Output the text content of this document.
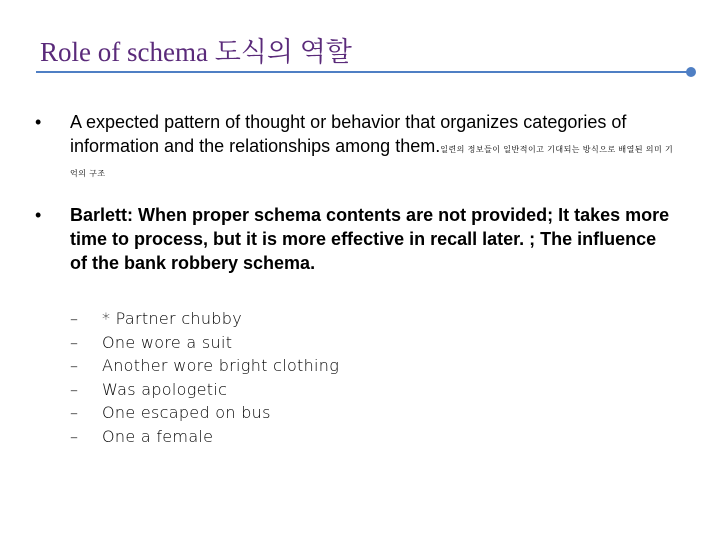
Role of schema 도식의 역할
• A expected pattern of thought or behavior that organizes categories of information and the relationships among them.일련의 정보들이 일반적이고 기대되는 방식으로 배열된 의미 기억의 구조
• Barlett: When proper schema contents are not provided; It takes more time to process, but it is more effective in recall later. ; The influence of the bank robbery schema.
– * Partner chubby
– One wore a suit
– Another wore bright clothing
– Was apologetic
– One escaped on bus
– One a female
